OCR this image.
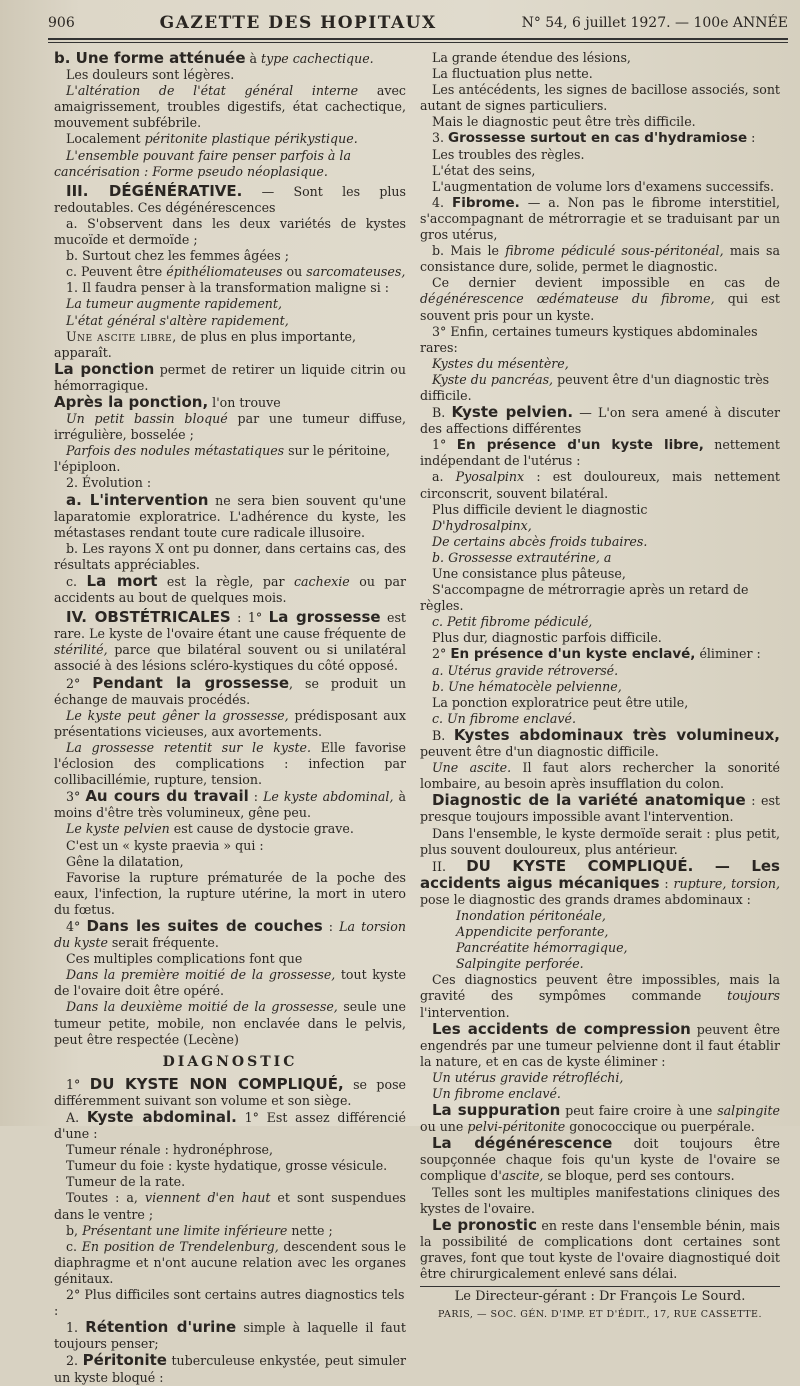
906	GAZETTE DES HOPITAUX	N° 54, 6 juillet 1927. — 100e ANNÉE

b. Une forme atténuée à type cachectique.

Les douleurs sont légères.

L'altération de l'état général interne avec amaigrissement, troubles digestifs, état cachectique, mouvement subfébrile.

Localement péritonite plastique périkystique.

L'ensemble pouvant faire penser parfois à la cancérisation : Forme pseudo néoplasique.

III. DÉGÉNÉRATIVE. — Sont les plus redoutables. Ces dégénérescences

a. S'observent dans les deux variétés de kystes mucoïde et dermoïde ;

b. Surtout chez les femmes âgées ;

c. Peuvent être épithéliomateuses ou sarcomateuses,

1. Il faudra penser à la transformation maligne si :

La tumeur augmente rapidement,

L'état général s'altère rapidement,

Une ascite libre, de plus en plus importante, apparaît.

La ponction permet de retirer un liquide citrin ou hémorragique.

Après la ponction, l'on trouve

Un petit bassin bloqué par une tumeur diffuse, irrégulière, bosselée ;

Parfois des nodules métastatiques sur le péritoine, l'épiploon.

2. Évolution :

a. L'intervention ne sera bien souvent qu'une laparatomie exploratrice. L'adhérence du kyste, les métastases rendant toute cure radicale illusoire.

b. Les rayons X ont pu donner, dans certains cas, des résultats appréciables.

c. La mort est la règle, par cachexie ou par accidents au bout de quelques mois.

IV. OBSTÉTRICALES : 1° La grossesse est rare. Le kyste de l'ovaire étant une cause fréquente de stérilité, parce que bilatéral souvent ou si unilatéral associé à des lésions scléro-kystiques du côté opposé.

2° Pendant la grossesse, se produit un échange de mauvais procédés.

Le kyste peut gêner la grossesse, prédisposant aux présentations vicieuses, aux avortements.

La grossesse retentit sur le kyste. Elle favorise l'éclosion des complications : infection par collibacillémie, rupture, tension.

3° Au cours du travail : Le kyste abdominal, à moins d'être très volumineux, gêne peu.

Le kyste pelvien est cause de dystocie grave.

C'est un « kyste praevia » qui :

Gêne la dilatation,

Favorise la rupture prématurée de la poche des eaux, l'infection, la rupture utérine, la mort in utero du fœtus.

4° Dans les suites de couches : La torsion du kyste serait fréquente.

Ces multiples complications font que

Dans la première moitié de la grossesse, tout kyste de l'ovaire doit être opéré.

Dans la deuxième moitié de la grossesse, seule une tumeur petite, mobile, non enclavée dans le pelvis, peut être respectée (Lecène)

DIAGNOSTIC

1° DU KYSTE NON COMPLIQUÉ, se pose différemment suivant son volume et son siège.

A. Kyste abdominal. 1° Est assez différencié d'une :

Tumeur rénale : hydronéphrose,

Tumeur du foie : kyste hydatique, grosse vésicule.

Tumeur de la rate.

Toutes : a, viennent d'en haut et sont suspendues dans le ventre ;

b, Présentant une limite inférieure nette ;

c. En position de Trendelenburg, descendent sous le diaphragme et n'ont aucune relation avec les organes génitaux.

2° Plus difficiles sont certains autres diagnostics tels :

1. Rétention d'urine simple à laquelle il faut toujours penser;

2. Péritonite tuberculeuse enkystée, peut simuler un kyste bloqué :

La grande étendue des lésions,

La fluctuation plus nette.

Les antécédents, les signes de bacillose associés, sont autant de signes particuliers.

Mais le diagnostic peut être très difficile.

3. Grossesse surtout en cas d'hydramiose :

Les troubles des règles.

L'état des seins,

L'augmentation de volume lors d'examens successifs.

4. Fibrome. — a. Non pas le fibrome interstitiel, s'accompagnant de métrorragie et se traduisant par un gros utérus,

b. Mais le fibrome pédiculé sous-péritonéal, mais sa consistance dure, solide, permet le diagnostic.

Ce dernier devient impossible en cas de dégénérescence œdémateuse du fibrome, qui est souvent pris pour un kyste.

3° Enfin, certaines tumeurs kystiques abdominales rares:

Kystes du mésentère,

Kyste du pancréas, peuvent être d'un diagnostic très difficile.

B. Kyste pelvien. — L'on sera amené à discuter des affections différentes

1° En présence d'un kyste libre, nettement indépendant de l'utérus :

a. Pyosalpinx : est douloureux, mais nettement circonscrit, souvent bilatéral.

Plus difficile devient le diagnostic

D'hydrosalpinx,

De certains abcès froids tubaires.

b. Grossesse extrautérine, a

Une consistance plus pâteuse,

S'accompagne de métrorragie après un retard de règles.

c. Petit fibrome pédiculé,

Plus dur, diagnostic parfois difficile.

2° En présence d'un kyste enclavé, éliminer :

a. Utérus gravide rétroversé.

b. Une hématocèle pelvienne,

La ponction exploratrice peut être utile,

c. Un fibrome enclavé.

B. Kystes abdominaux très volumineux, peuvent être d'un diagnostic difficile.

Une ascite. Il faut alors rechercher la sonorité lombaire, au besoin après insufflation du colon.

Diagnostic de la variété anatomique : est presque toujours impossible avant l'intervention.

Dans l'ensemble, le kyste dermoïde serait : plus petit, plus souvent douloureux, plus antérieur.

II. DU KYSTE COMPLIQUÉ. — Les accidents aigus mécaniques : rupture, torsion, pose le diagnostic des grands drames abdominaux :

Inondation péritonéale,

Appendicite perforante,

Pancréatite hémorragique,

Salpingite perforée.

Ces diagnostics peuvent être impossibles, mais la gravité des sympômes commande toujours l'intervention.

Les accidents de compression peuvent être engendrés par une tumeur pelvienne dont il faut établir la nature, et en cas de kyste éliminer :

Un utérus gravide rétrofléchi,

Un fibrome enclavé.

La suppuration peut faire croire à une salpingite ou une pelvi-péritonite gonococcique ou puerpérale.

La dégénérescence doit toujours être soupçonnée chaque fois qu'un kyste de l'ovaire se complique d'ascite, se bloque, perd ses contours.

Telles sont les multiples manifestations cliniques des kystes de l'ovaire.

Le pronostic en reste dans l'ensemble bénin, mais la possibilité de complications dont certaines sont graves, font que tout kyste de l'ovaire diagnostiqué doit être chirurgicalement enlevé sans délai.

Le Directeur-gérant : Dr François Le Sourd.

PARIS, — SOC. GÉN. D'IMP. ET D'ÉDIT., 17, RUE CASSETTE.
